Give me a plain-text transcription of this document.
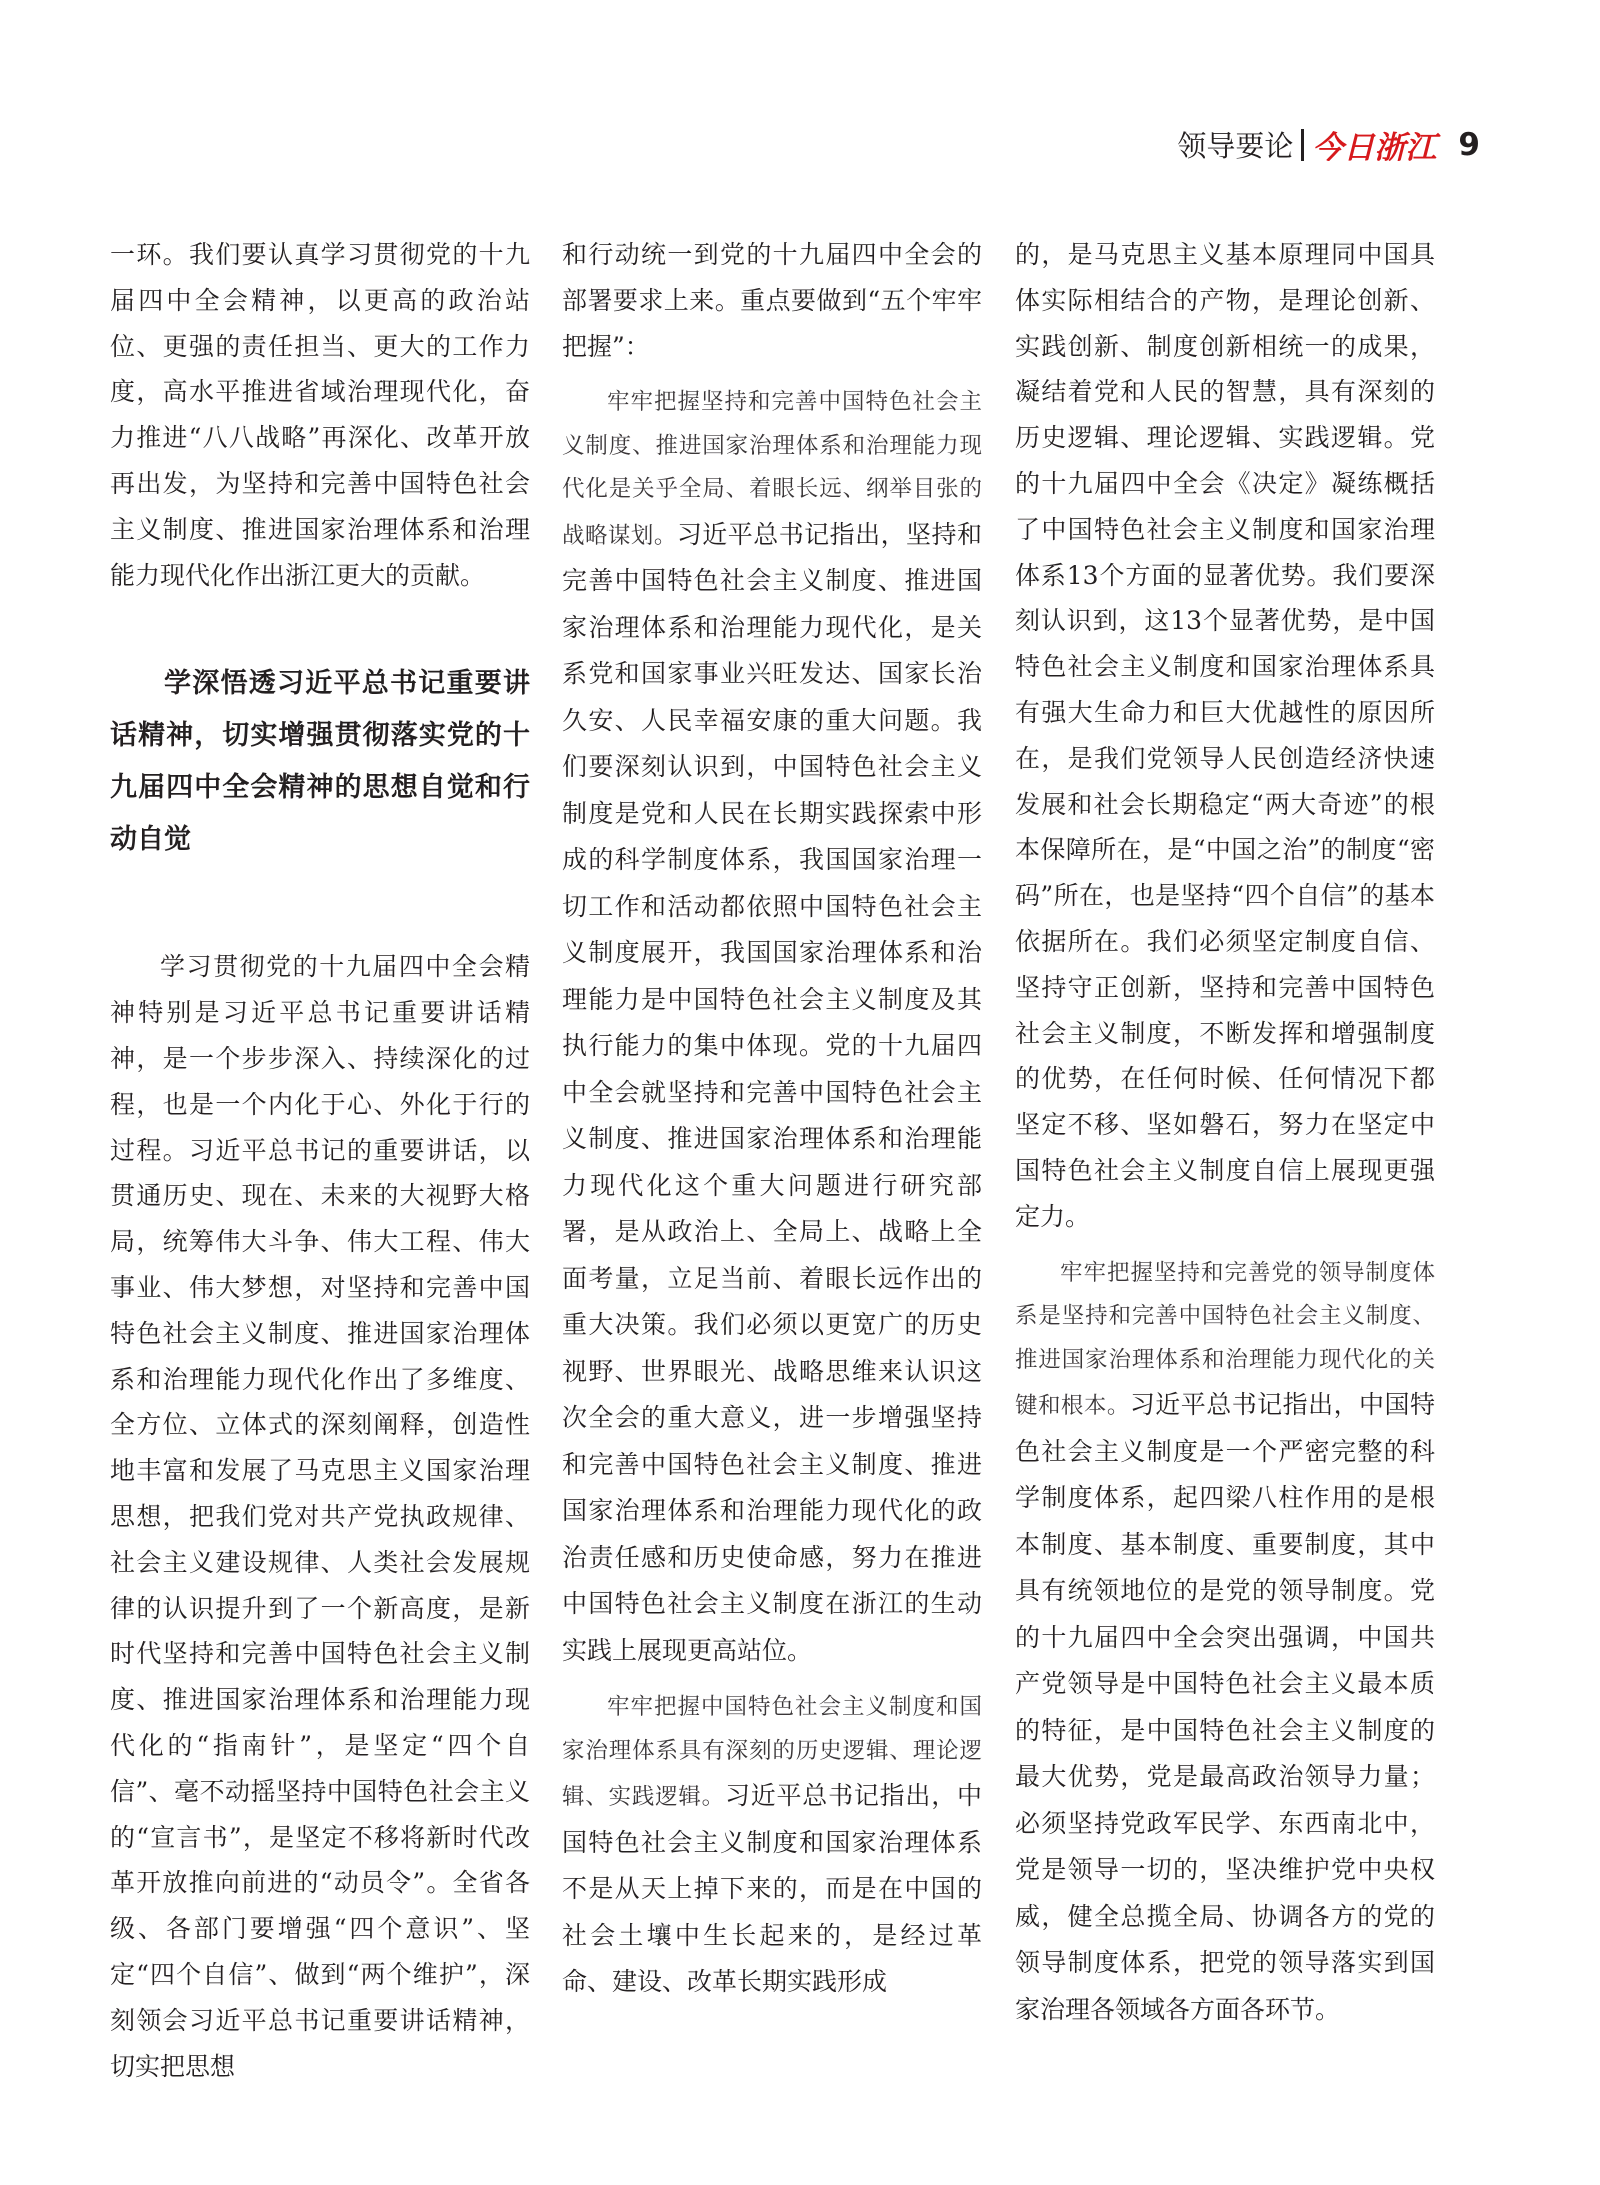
领导要论 今日浙江 9

一环。我们要认真学习贯彻党的十九届四中全会精神，以更高的政治站位、更强的责任担当、更大的工作力度，高水平推进省域治理现代化，奋力推进“八八战略”再深化、改革开放再出发，为坚持和完善中国特色社会主义制度、推进国家治理体系和治理能力现代化作出浙江更大的贡献。

学深悟透习近平总书记重要讲话精神，切实增强贯彻落实党的十九届四中全会精神的思想自觉和行动自觉

学习贯彻党的十九届四中全会精神特别是习近平总书记重要讲话精神，是一个步步深入、持续深化的过程，也是一个内化于心、外化于行的过程。习近平总书记的重要讲话，以贯通历史、现在、未来的大视野大格局，统筹伟大斗争、伟大工程、伟大事业、伟大梦想，对坚持和完善中国特色社会主义制度、推进国家治理体系和治理能力现代化作出了多维度、全方位、立体式的深刻阐释，创造性地丰富和发展了马克思主义国家治理思想，把我们党对共产党执政规律、社会主义建设规律、人类社会发展规律的认识提升到了一个新高度，是新时代坚持和完善中国特色社会主义制度、推进国家治理体系和治理能力现代化的“指南针”，是坚定“四个自信”、毫不动摇坚持中国特色社会主义的“宣言书”，是坚定不移将新时代改革开放推向前进的“动员令”。全省各级、各部门要增强“四个意识”、坚定“四个自信”、做到“两个维护”，深刻领会习近平总书记重要讲话精神，切实把思想

和行动统一到党的十九届四中全会的部署要求上来。重点要做到“五个牢牢把握”：

牢牢把握坚持和完善中国特色社会主义制度、推进国家治理体系和治理能力现代化是关乎全局、着眼长远、纲举目张的战略谋划。习近平总书记指出，坚持和完善中国特色社会主义制度、推进国家治理体系和治理能力现代化，是关系党和国家事业兴旺发达、国家长治久安、人民幸福安康的重大问题。我们要深刻认识到，中国特色社会主义制度是党和人民在长期实践探索中形成的科学制度体系，我国国家治理一切工作和活动都依照中国特色社会主义制度展开，我国国家治理体系和治理能力是中国特色社会主义制度及其执行能力的集中体现。党的十九届四中全会就坚持和完善中国特色社会主义制度、推进国家治理体系和治理能力现代化这个重大问题进行研究部署，是从政治上、全局上、战略上全面考量，立足当前、着眼长远作出的重大决策。我们必须以更宽广的历史视野、世界眼光、战略思维来认识这次全会的重大意义，进一步增强坚持和完善中国特色社会主义制度、推进国家治理体系和治理能力现代化的政治责任感和历史使命感，努力在推进中国特色社会主义制度在浙江的生动实践上展现更高站位。

牢牢把握中国特色社会主义制度和国家治理体系具有深刻的历史逻辑、理论逻辑、实践逻辑。习近平总书记指出，中国特色社会主义制度和国家治理体系不是从天上掉下来的，而是在中国的社会土壤中生长起来的，是经过革命、建设、改革长期实践形成

的，是马克思主义基本原理同中国具体实际相结合的产物，是理论创新、实践创新、制度创新相统一的成果，凝结着党和人民的智慧，具有深刻的历史逻辑、理论逻辑、实践逻辑。党的十九届四中全会《决定》凝练概括了中国特色社会主义制度和国家治理体系13个方面的显著优势。我们要深刻认识到，这13个显著优势，是中国特色社会主义制度和国家治理体系具有强大生命力和巨大优越性的原因所在，是我们党领导人民创造经济快速发展和社会长期稳定“两大奇迹”的根本保障所在，是“中国之治”的制度“密码”所在，也是坚持“四个自信”的基本依据所在。我们必须坚定制度自信、坚持守正创新，坚持和完善中国特色社会主义制度，不断发挥和增强制度的优势，在任何时候、任何情况下都坚定不移、坚如磐石，努力在坚定中国特色社会主义制度自信上展现更强定力。

牢牢把握坚持和完善党的领导制度体系是坚持和完善中国特色社会主义制度、推进国家治理体系和治理能力现代化的关键和根本。习近平总书记指出，中国特色社会主义制度是一个严密完整的科学制度体系，起四梁八柱作用的是根本制度、基本制度、重要制度，其中具有统领地位的是党的领导制度。党的十九届四中全会突出强调，中国共产党领导是中国特色社会主义最本质的特征，是中国特色社会主义制度的最大优势，党是最高政治领导力量；必须坚持党政军民学、东西南北中，党是领导一切的，坚决维护党中央权威，健全总揽全局、协调各方的党的领导制度体系，把党的领导落实到国家治理各领域各方面各环节。
